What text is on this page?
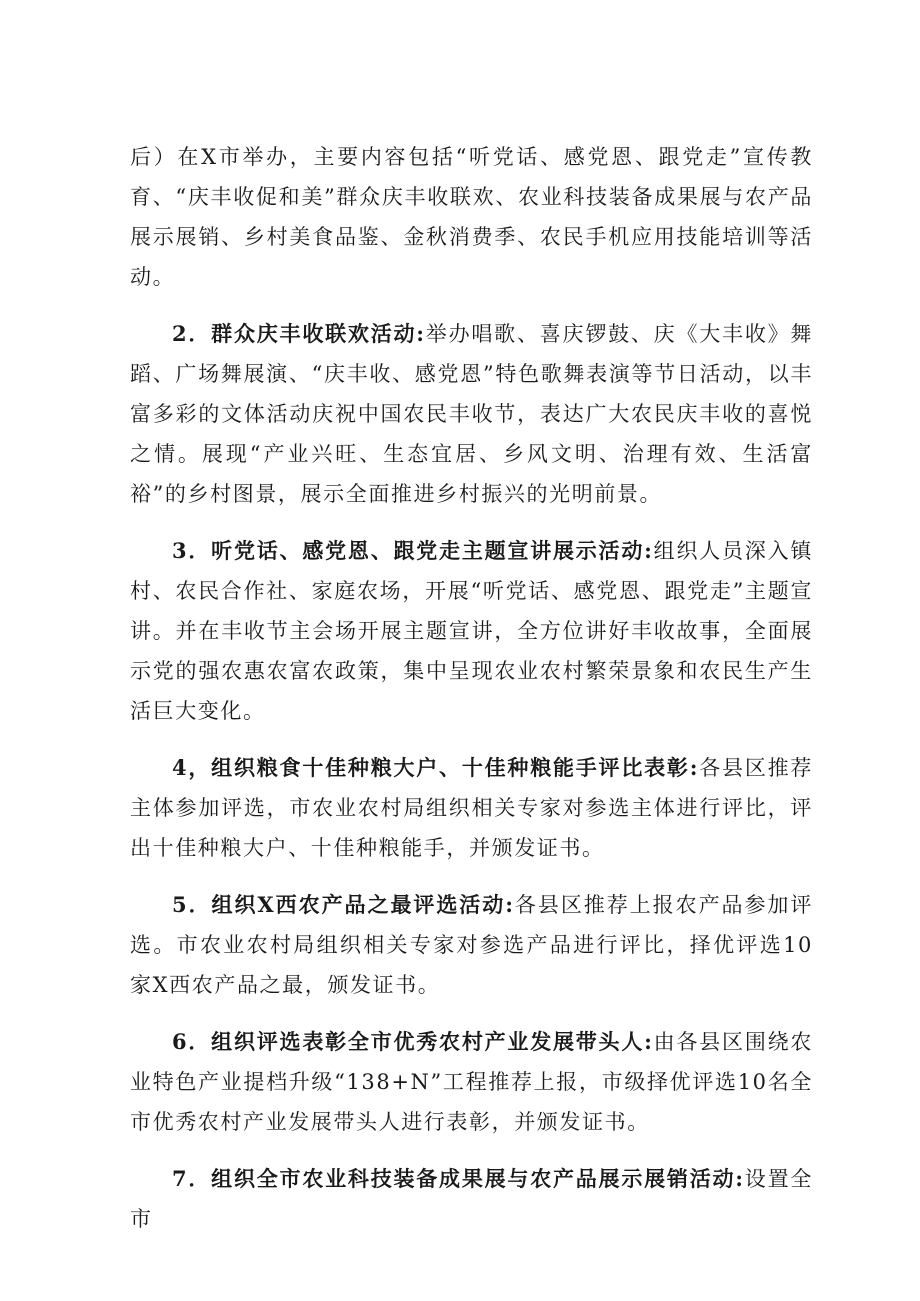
后）在X市举办，主要内容包括“听党话、感党恩、跟党走”宣传教育、“庆丰收促和美”群众庆丰收联欢、农业科技装备成果展与农产品展示展销、乡村美食品鉴、金秋消费季、农民手机应用技能培训等活动。

2．群众庆丰收联欢活动:举办唱歌、喜庆锣鼓、庆《大丰收》舞蹈、广场舞展演、“庆丰收、感党恩”特色歌舞表演等节日活动，以丰富多彩的文体活动庆祝中国农民丰收节，表达广大农民庆丰收的喜悦之情。展现“产业兴旺、生态宜居、乡风文明、治理有效、生活富裕”的乡村图景，展示全面推进乡村振兴的光明前景。

3．听党话、感党恩、跟党走主题宣讲展示活动:组织人员深入镇村、农民合作社、家庭农场，开展“听党话、感党恩、跟党走”主题宣讲。并在丰收节主会场开展主题宣讲，全方位讲好丰收故事，全面展示党的强农惠农富农政策，集中呈现农业农村繁荣景象和农民生产生活巨大变化。

4，组织粮食十佳种粮大户、十佳种粮能手评比表彰:各县区推荐主体参加评选，市农业农村局组织相关专家对参选主体进行评比，评出十佳种粮大户、十佳种粮能手，并颁发证书。

5．组织X西农产品之最评选活动:各县区推荐上报农产品参加评选。市农业农村局组织相关专家对参选产品进行评比，择优评选10家X西农产品之最，颁发证书。

6．组织评选表彰全市优秀农村产业发展带头人:由各县区围绕农业特色产业提档升级“138+N”工程推荐上报，市级择优评选10名全市优秀农村产业发展带头人进行表彰，并颁发证书。

7．组织全市农业科技装备成果展与农产品展示展销活动:设置全市
